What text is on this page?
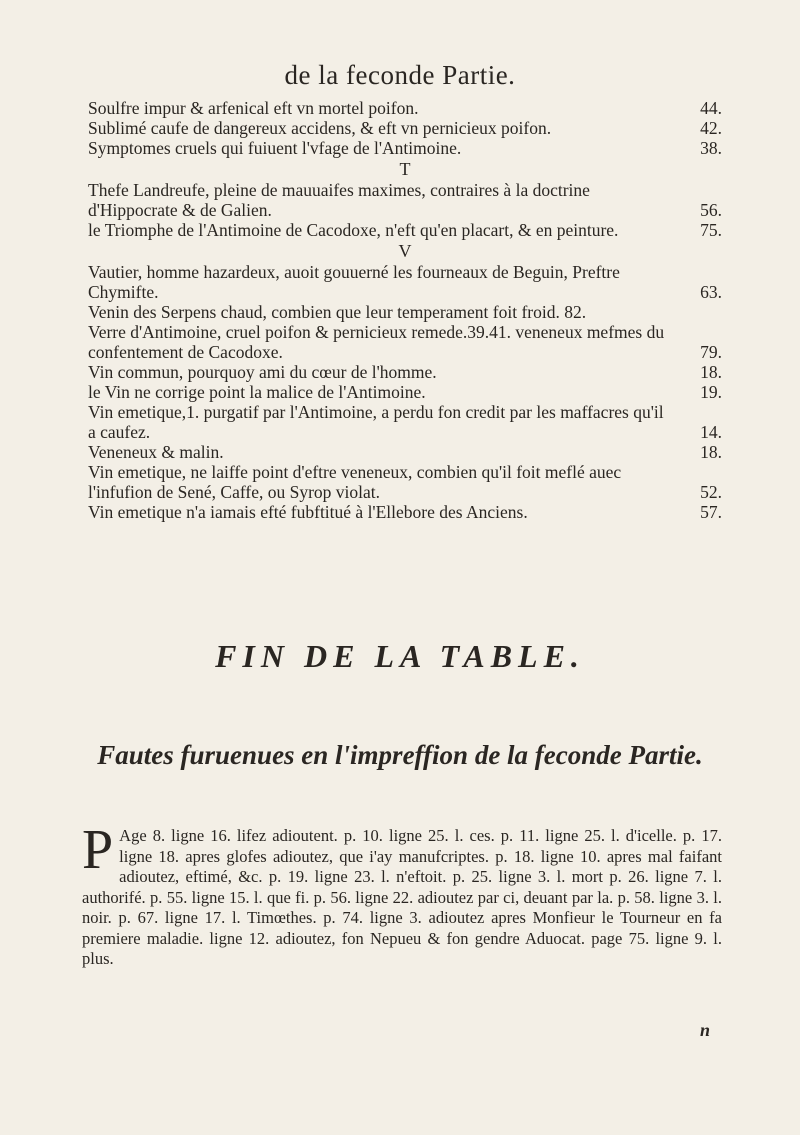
de la feconde Partie.
Soulfre impur & arfenical eft vn mortel poifon.	44.
Sublimé caufe de dangereux accidens, & eft vn pernicieux poifon.	42.
Symptomes cruels qui fuiuent l'vfage de l'Antimoine.	38.
T
Thefe Landreufe, pleine de mauuaifes maximes, contraires à la doctrine d'Hippocrate & de Galien.	56.
le Triomphe de l'Antimoine de Cacodoxe, n'eft qu'en placart, & en peinture.	75.
V
Vautier, homme hazardeux, auoit gouuerné les fourneaux de Beguin, Preftre Chymifte.	63.
Venin des Serpens chaud, combien que leur temperament foit froid. 82.
Verre d'Antimoine, cruel poifon & pernicieux remede.39.41. veneneux mefmes du confentement de Cacodoxe.	79.
Vin commun, pourquoy ami du cœur de l'homme.	18.
le Vin ne corrige point la malice de l'Antimoine.	19.
Vin emetique,1. purgatif par l'Antimoine, a perdu fon credit par les maffacres qu'il a caufez.	14.
Veneneux & malin.	18.
Vin emetique, ne laiffe point d'eftre veneneux, combien qu'il foit meflé auec l'infufion de Sené, Caffe, ou Syrop violat.	52.
Vin emetique n'a iamais efté fubftitué à l'Ellebore des Anciens.	57.
FIN DE LA TABLE.
Fautes furuenues en l'impreffion de la feconde Partie.
P Age 8. ligne 16. lifez adioutent. p. 10. ligne 25. l. ces. p. 11. ligne 25. l. d'icelle. p. 17. ligne 18. apres glofes adioutez, que i'ay manufcriptes. p. 18. ligne 10. apres mal faifant adioutez, eftimé, &c. p. 19. ligne 23. l. n'eftoit. p. 25. ligne 3. l. mort p. 26. ligne 7. l. authorifé. p. 55. ligne 15. l. que fi. p. 56. ligne 22. adioutez par ci, deuant par la. p. 58. ligne 3. l. noir. p. 67. ligne 17. l. Timœthes. p. 74. ligne 3. adioutez apres Monfieur le Tourneur en fa premiere maladie. ligne 12. adioutez, fon Nepueu & fon gendre Aduocat. page 75. ligne 9. l. plus.
n
